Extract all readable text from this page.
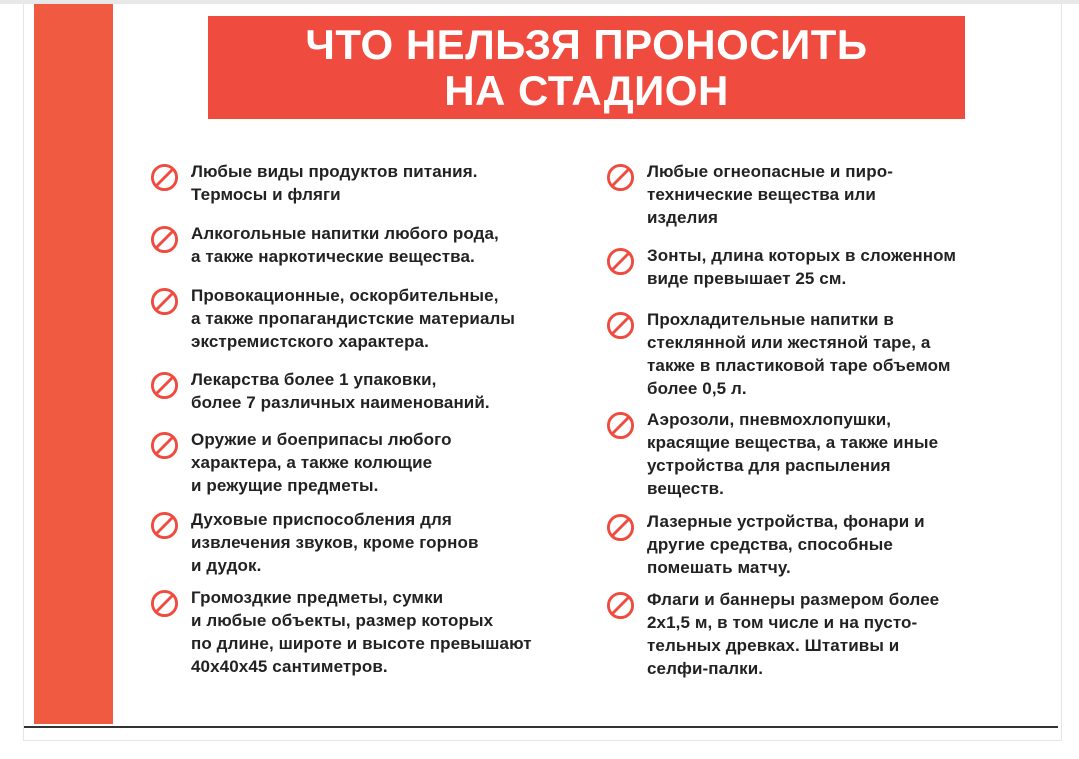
ЧТО НЕЛЬЗЯ ПРОНОСИТЬ
НА СТАДИОН
Любые виды продуктов питания.
Термосы и фляги
Алкогольные напитки любого рода,
а также наркотические вещества.
Провокационные, оскорбительные,
а также пропагандистские материалы
экстремистского характера.
Лекарства более 1 упаковки,
более 7 различных наименований.
Оружие и боеприпасы любого
характера, а также колющие
и режущие предметы.
Духовые приспособления для
извлечения звуков, кроме горнов
и дудок.
Громоздкие предметы, сумки
и любые объекты, размер которых
по длине, широте и высоте превышают
40х40х45 сантиметров.
Любые огнеопасные и пиро-
технические вещества или
изделия
Зонты, длина которых в сложенном
виде превышает 25 см.
Прохладительные напитки в
стеклянной или жестяной таре, а
также в пластиковой таре объемом
более 0,5 л.
Аэрозоли, пневмохлопушки,
красящие вещества, а также иные
устройства для распыления
веществ.
Лазерные устройства, фонари и
другие средства, способные
помешать матчу.
Флаги и баннеры размером более
2х1,5 м, в том числе и на пусто-
тельных древках. Штативы и
селфи-палки.
